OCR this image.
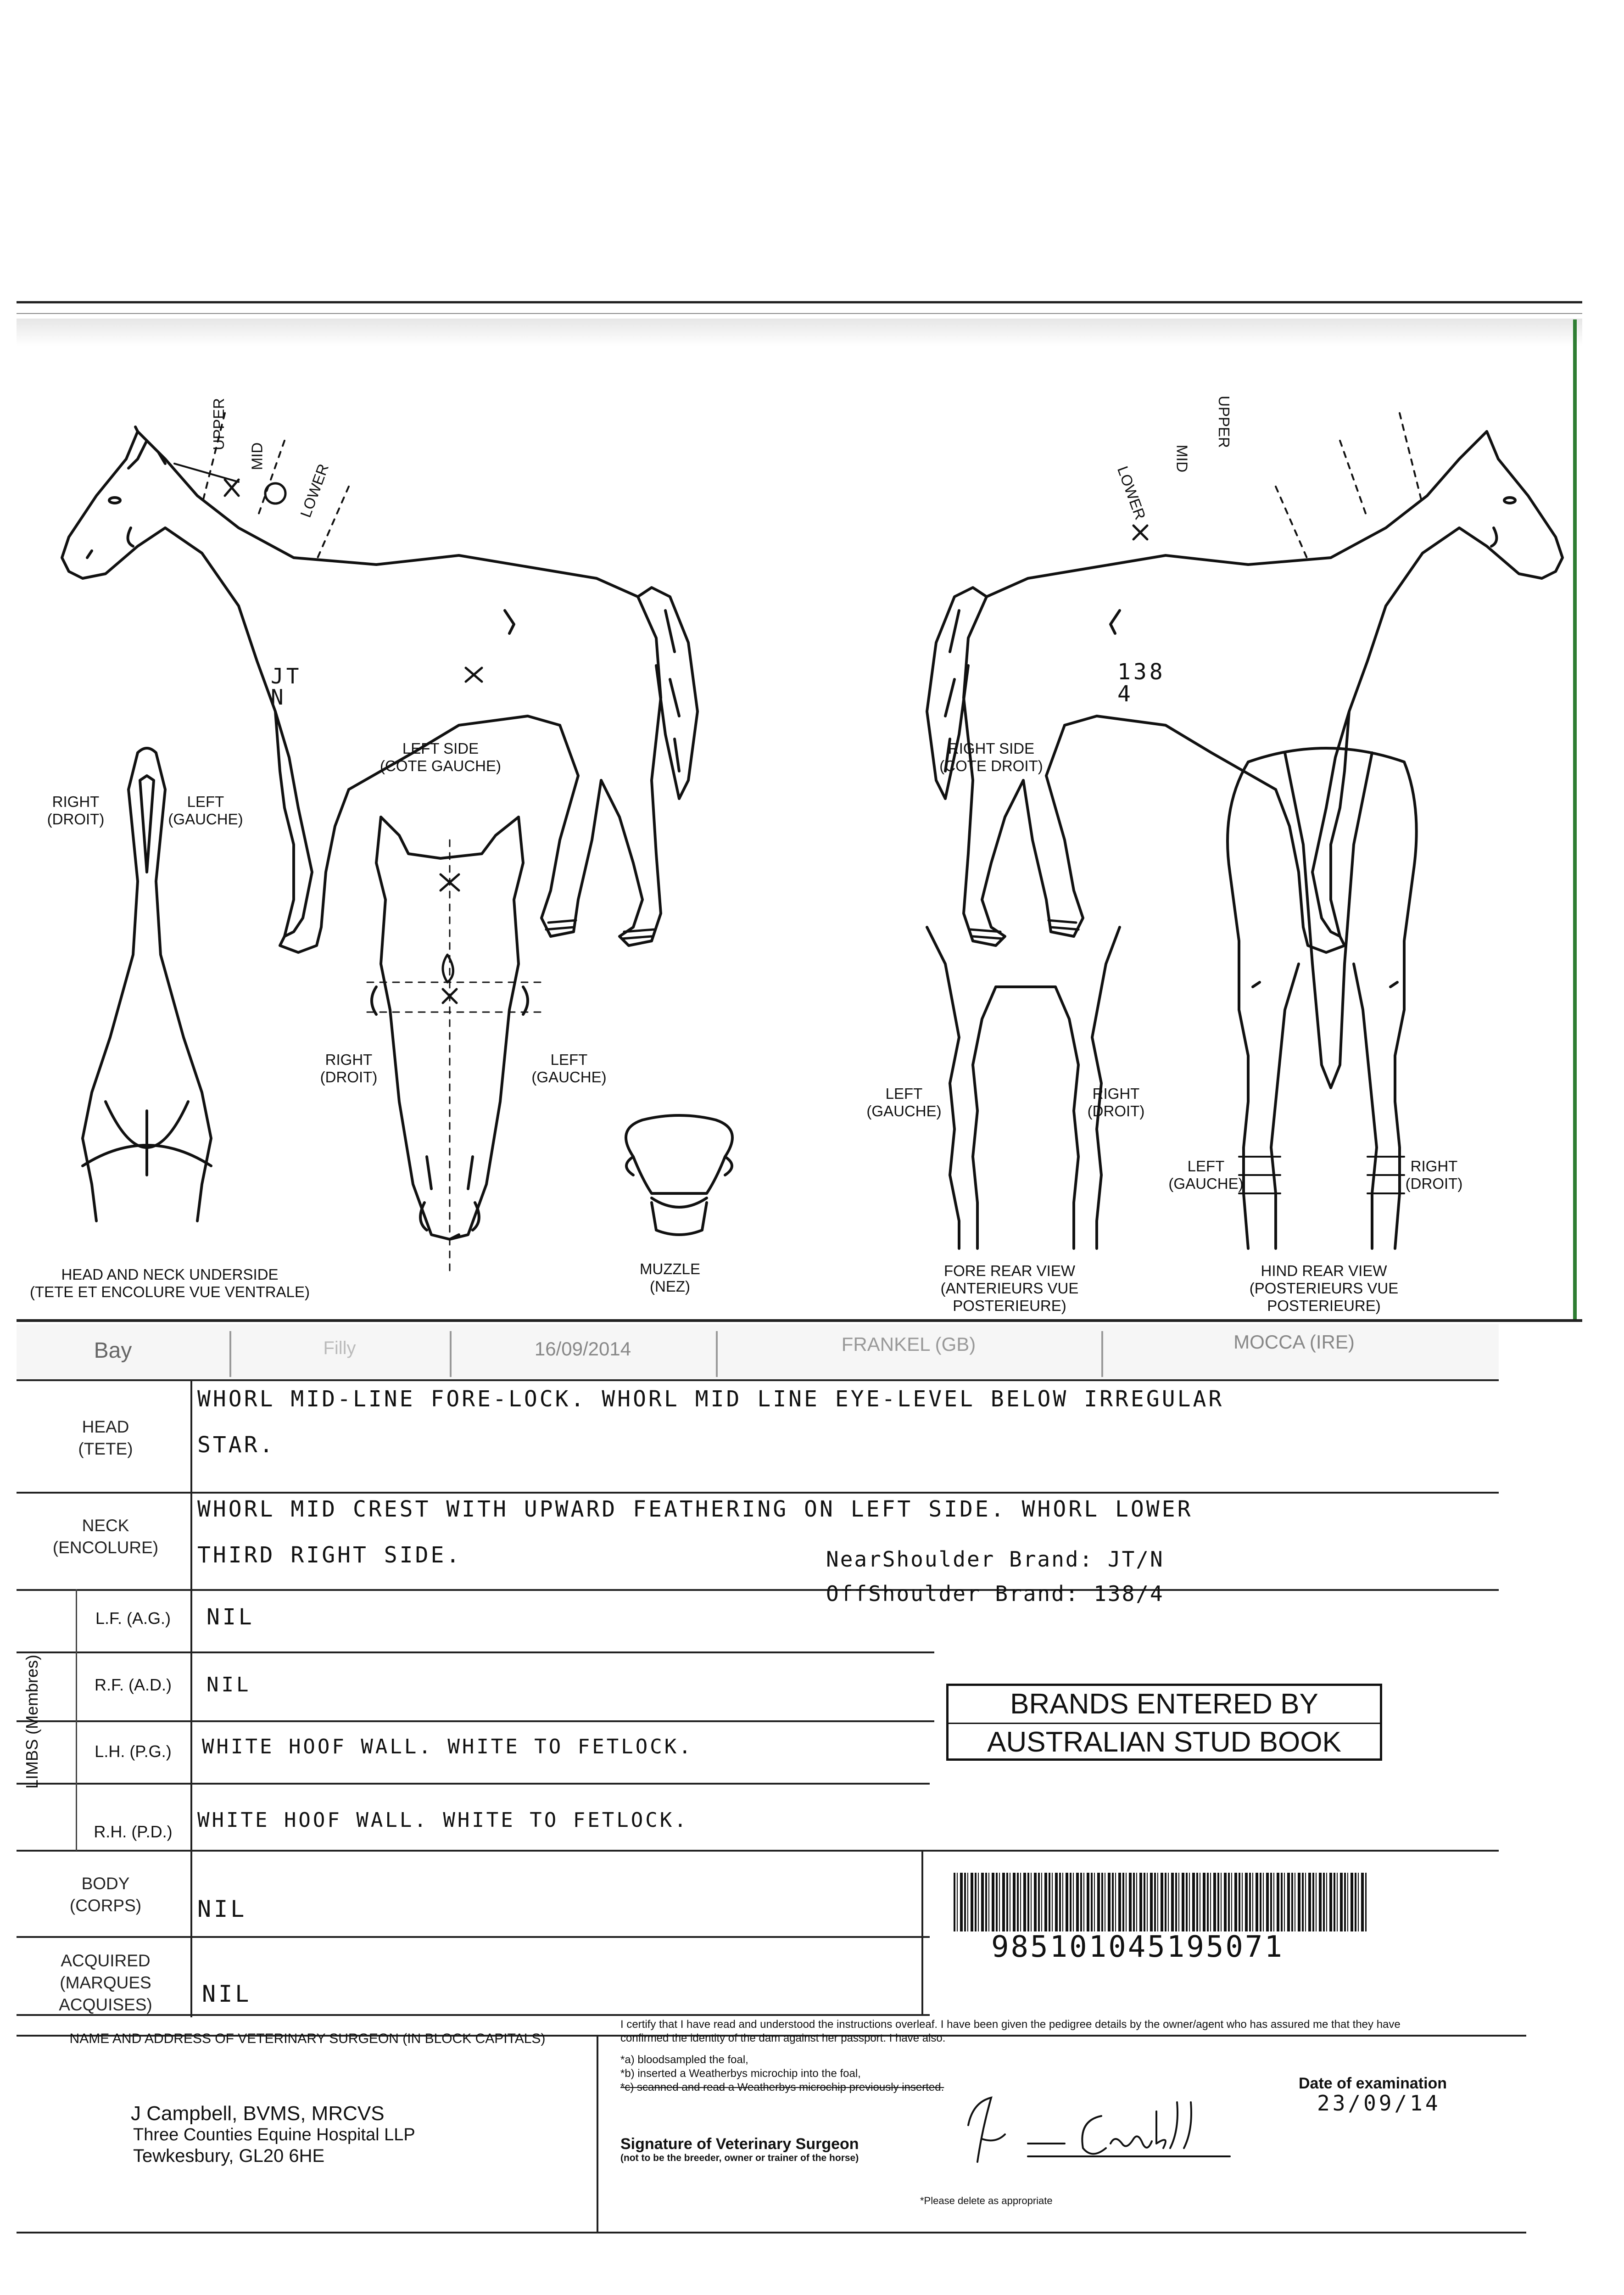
UPPER
MID
LOWER
UPPER
MID
LOWER
LEFT SIDE
(COTE GAUCHE)
RIGHT SIDE
(COTE DROIT)
JT
N
138
4
RIGHT
(DROIT)
LEFT
(GAUCHE)
HEAD AND NECK UNDERSIDE
(TETE ET ENCOLURE VUE VENTRALE)
RIGHT
(DROIT)
LEFT
(GAUCHE)
MUZZLE
(NEZ)
LEFT
(GAUCHE)
RIGHT
(DROIT)
FORE REAR VIEW
(ANTERIEURS VUE
POSTERIEURE)
LEFT
(GAUCHE)
RIGHT
(DROIT)
HIND REAR VIEW
(POSTERIEURS VUE
POSTERIEURE)
Bay	Filly	16/09/2014	FRANKEL (GB)	MOCCA (IRE)
HEAD
(TETE)
WHORL MID-LINE FORE-LOCK. WHORL MID LINE EYE-LEVEL BELOW IRREGULAR
STAR.
NECK
(ENCOLURE)
WHORL MID CREST WITH UPWARD FEATHERING ON LEFT SIDE. WHORL LOWER
THIRD RIGHT SIDE.	NearShoulder Brand: JT/N
OffShoulder Brand: 138/4
LIMBS (Membres)
L.F. (A.G.)	NIL
R.F. (A.D.)	NIL
L.H. (P.G.)	WHITE HOOF WALL. WHITE TO FETLOCK.
R.H. (P.D.)	WHITE HOOF WALL. WHITE TO FETLOCK.
BODY
(CORPS)	NIL
ACQUIRED
(MARQUES
ACQUISES)	NIL
BRANDS ENTERED BY
AUSTRALIAN STUD BOOK
985101045195071
NAME AND ADDRESS OF VETERINARY SURGEON (IN BLOCK CAPITALS)
J Campbell, BVMS, MRCVS
Three Counties Equine Hospital LLP
Tewkesbury, GL20 6HE
I certify that I have read and understood the instructions overleaf. I have been given the pedigree details by the owner/agent who has assured me that they have confirmed the identity of the dam against her passport. I have also.
*a) bloodsampled the foal,
*b) inserted a Weatherbys microchip into the foal,
*c) scanned and read a Weatherbys microchip previously inserted.
Signature of Veterinary Surgeon
(not to be the breeder, owner or trainer of the horse)
*Please delete as appropriate
Date of examination
23/09/14
